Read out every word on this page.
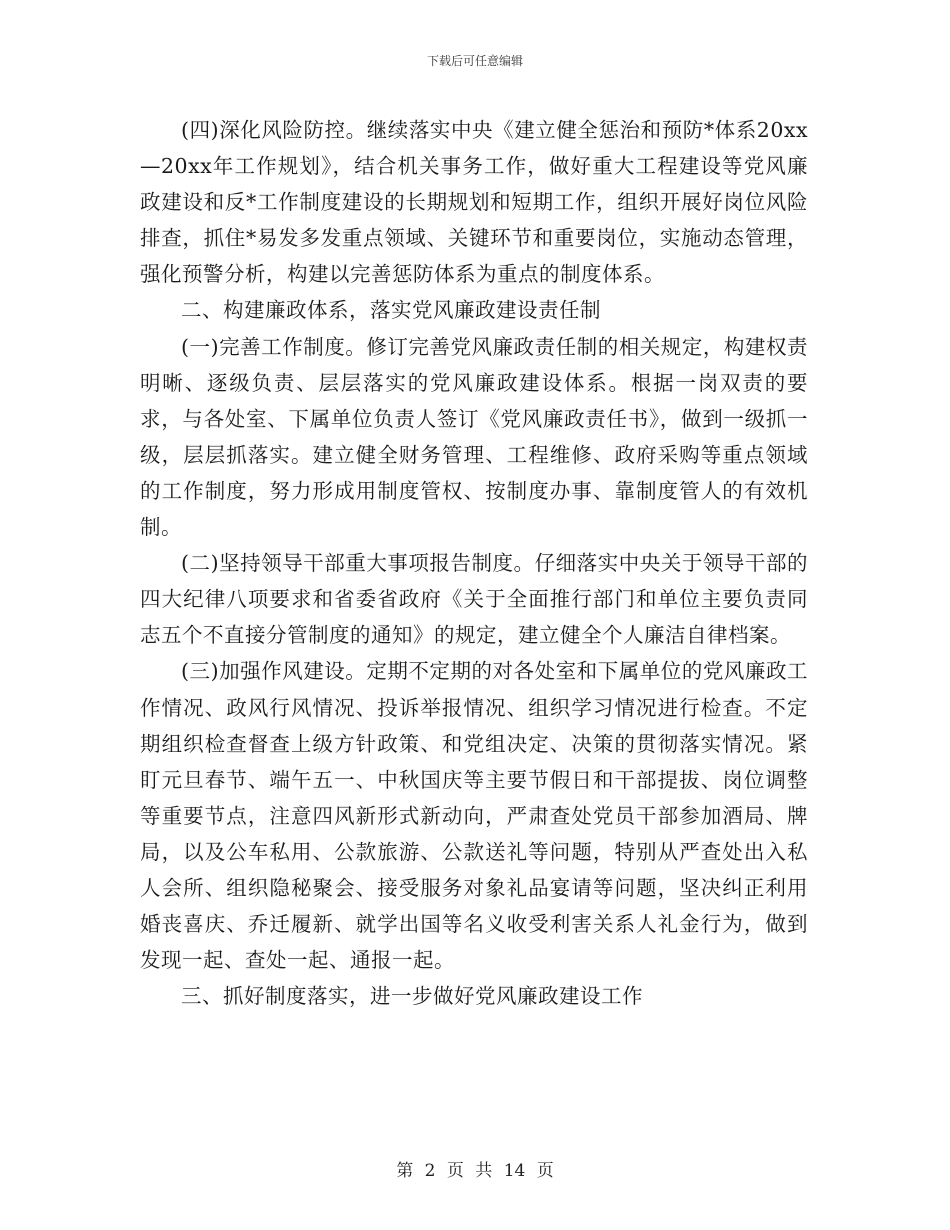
下载后可任意编辑

(四)深化风险防控。继续落实中央《建立健全惩治和预防*体系20xx—20xx年工作规划》，结合机关事务工作，做好重大工程建设等党风廉政建设和反*工作制度建设的长期规划和短期工作，组织开展好岗位风险排查，抓住*易发多发重点领域、关键环节和重要岗位，实施动态管理，强化预警分析，构建以完善惩防体系为重点的制度体系。

二、构建廉政体系，落实党风廉政建设责任制

(一)完善工作制度。修订完善党风廉政责任制的相关规定，构建权责明晰、逐级负责、层层落实的党风廉政建设体系。根据一岗双责的要求，与各处室、下属单位负责人签订《党风廉政责任书》，做到一级抓一级，层层抓落实。建立健全财务管理、工程维修、政府采购等重点领域的工作制度，努力形成用制度管权、按制度办事、靠制度管人的有效机制。

(二)坚持领导干部重大事项报告制度。仔细落实中央关于领导干部的四大纪律八项要求和省委省政府《关于全面推行部门和单位主要负责同志五个不直接分管制度的通知》的规定，建立健全个人廉洁自律档案。

(三)加强作风建设。定期不定期的对各处室和下属单位的党风廉政工作情况、政风行风情况、投诉举报情况、组织学习情况进行检查。不定期组织检查督查上级方针政策、和党组决定、决策的贯彻落实情况。紧盯元旦春节、端午五一、中秋国庆等主要节假日和干部提拔、岗位调整等重要节点，注意四风新形式新动向，严肃查处党员干部参加酒局、牌局，以及公车私用、公款旅游、公款送礼等问题，特别从严查处出入私人会所、组织隐秘聚会、接受服务对象礼品宴请等问题，坚决纠正利用婚丧喜庆、乔迁履新、就学出国等名义收受利害关系人礼金行为，做到发现一起、查处一起、通报一起。

三、抓好制度落实，进一步做好党风廉政建设工作

第 2 页 共 14 页
